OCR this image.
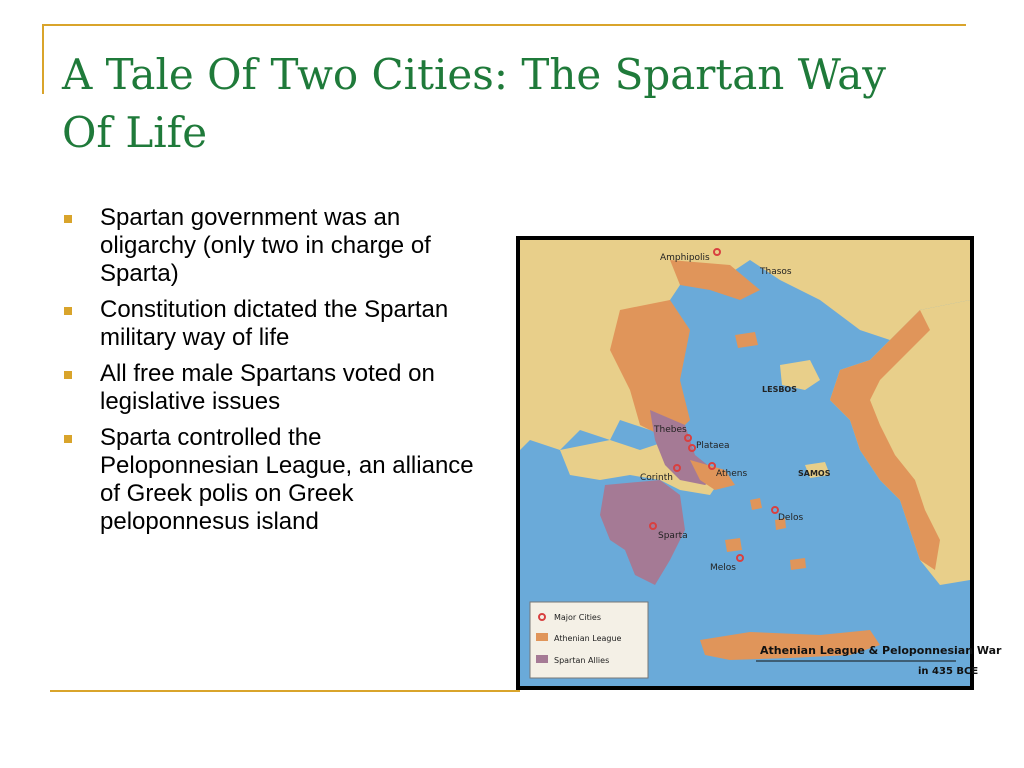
A Tale Of Two Cities: The Spartan Way Of Life
Spartan government was an oligarchy (only two in charge of Sparta)
Constitution dictated the Spartan military way of life
All free male Spartans voted on legislative issues
Sparta controlled the Peloponnesian League, an alliance of Greek polis on Greek peloponnesus island
Amphipolis
Thasos
Thebes
Plataea
Corinth	Athens
Sparta
Delos
Melos
LESBOS
SAMOS
Major Cities
Athenian League
Spartan Allies
Athenian League & Peloponnesian War
in 435 BCE
